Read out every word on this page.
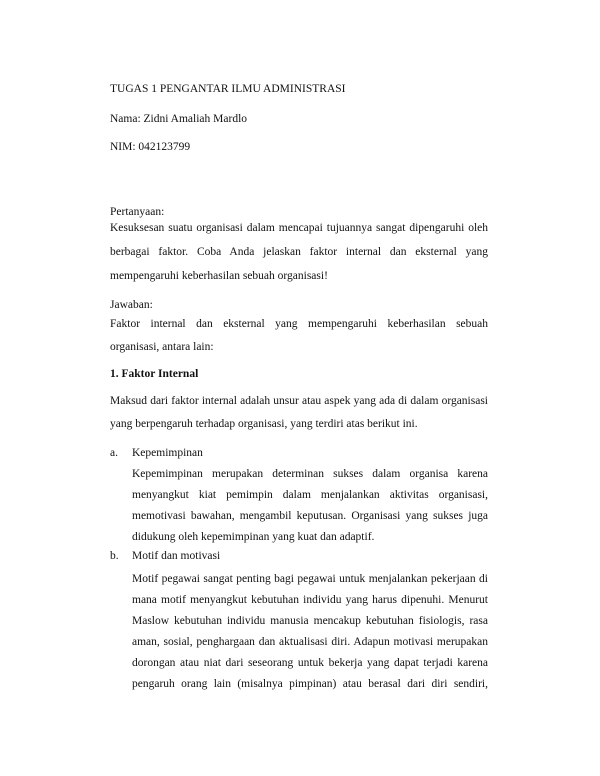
TUGAS 1 PENGANTAR ILMU ADMINISTRASI
Nama: Zidni Amaliah Mardlo
NIM: 042123799
Pertanyaan:
Kesuksesan suatu organisasi dalam mencapai tujuannya sangat dipengaruhi oleh
berbagai faktor. Coba Anda jelaskan faktor internal dan eksternal yang
mempengaruhi keberhasilan sebuah organisasi!
Jawaban:
Faktor internal dan eksternal yang mempengaruhi keberhasilan sebuah
organisasi, antara lain:
1. Faktor Internal
Maksud dari faktor internal adalah unsur atau aspek yang ada di dalam organisasi
yang berpengaruh terhadap organisasi, yang terdiri atas berikut ini.
a. Kepemimpinan
Kepemimpinan merupakan determinan sukses dalam organisa karena
menyangkut kiat pemimpin dalam menjalankan aktivitas organisasi,
memotivasi bawahan, mengambil keputusan. Organisasi yang sukses juga
didukung oleh kepemimpinan yang kuat dan adaptif.
b. Motif dan motivasi
Motif pegawai sangat penting bagi pegawai untuk menjalankan pekerjaan di
mana motif menyangkut kebutuhan individu yang harus dipenuhi. Menurut
Maslow kebutuhan individu manusia mencakup kebutuhan fisiologis, rasa
aman, sosial, penghargaan dan aktualisasi diri. Adapun motivasi merupakan
dorongan atau niat dari seseorang untuk bekerja yang dapat terjadi karena
pengaruh orang lain (misalnya pimpinan) atau berasal dari diri sendiri,
